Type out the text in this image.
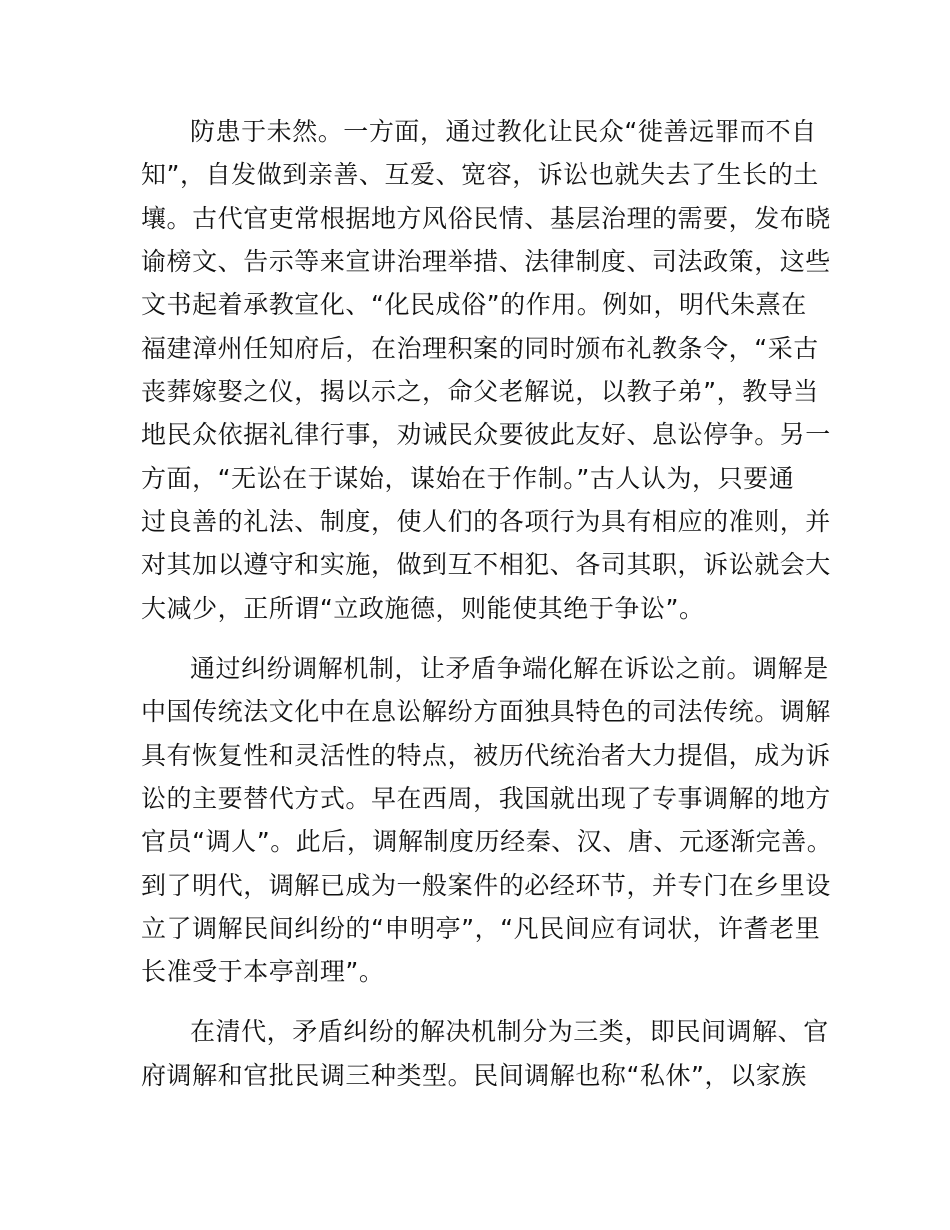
防患于未然。一方面，通过教化让民众“徙善远罪而不自
知”，自发做到亲善、互爱、宽容，诉讼也就失去了生长的土
壤。古代官吏常根据地方风俗民情、基层治理的需要，发布晓
谕榜文、告示等来宣讲治理举措、法律制度、司法政策，这些
文书起着承教宣化、“化民成俗”的作用。例如，明代朱熹在
福建漳州任知府后，在治理积案的同时颁布礼教条令，“采古
丧葬嫁娶之仪，揭以示之，命父老解说，以教子弟”，教导当
地民众依据礼律行事，劝诫民众要彼此友好、息讼停争。另一
方面，“无讼在于谋始，谋始在于作制。”古人认为，只要通
过良善的礼法、制度，使人们的各项行为具有相应的准则，并
对其加以遵守和实施，做到互不相犯、各司其职，诉讼就会大
大减少，正所谓“立政施德，则能使其绝于争讼”。
通过纠纷调解机制，让矛盾争端化解在诉讼之前。调解是
中国传统法文化中在息讼解纷方面独具特色的司法传统。调解
具有恢复性和灵活性的特点，被历代统治者大力提倡，成为诉
讼的主要替代方式。早在西周，我国就出现了专事调解的地方
官员“调人”。此后，调解制度历经秦、汉、唐、元逐渐完善。
到了明代，调解已成为一般案件的必经环节，并专门在乡里设
立了调解民间纠纷的“申明亭”，“凡民间应有词状，许耆老里
长准受于本亭剖理”。
在清代，矛盾纠纷的解决机制分为三类，即民间调解、官
府调解和官批民调三种类型。民间调解也称“私休”，以家族
